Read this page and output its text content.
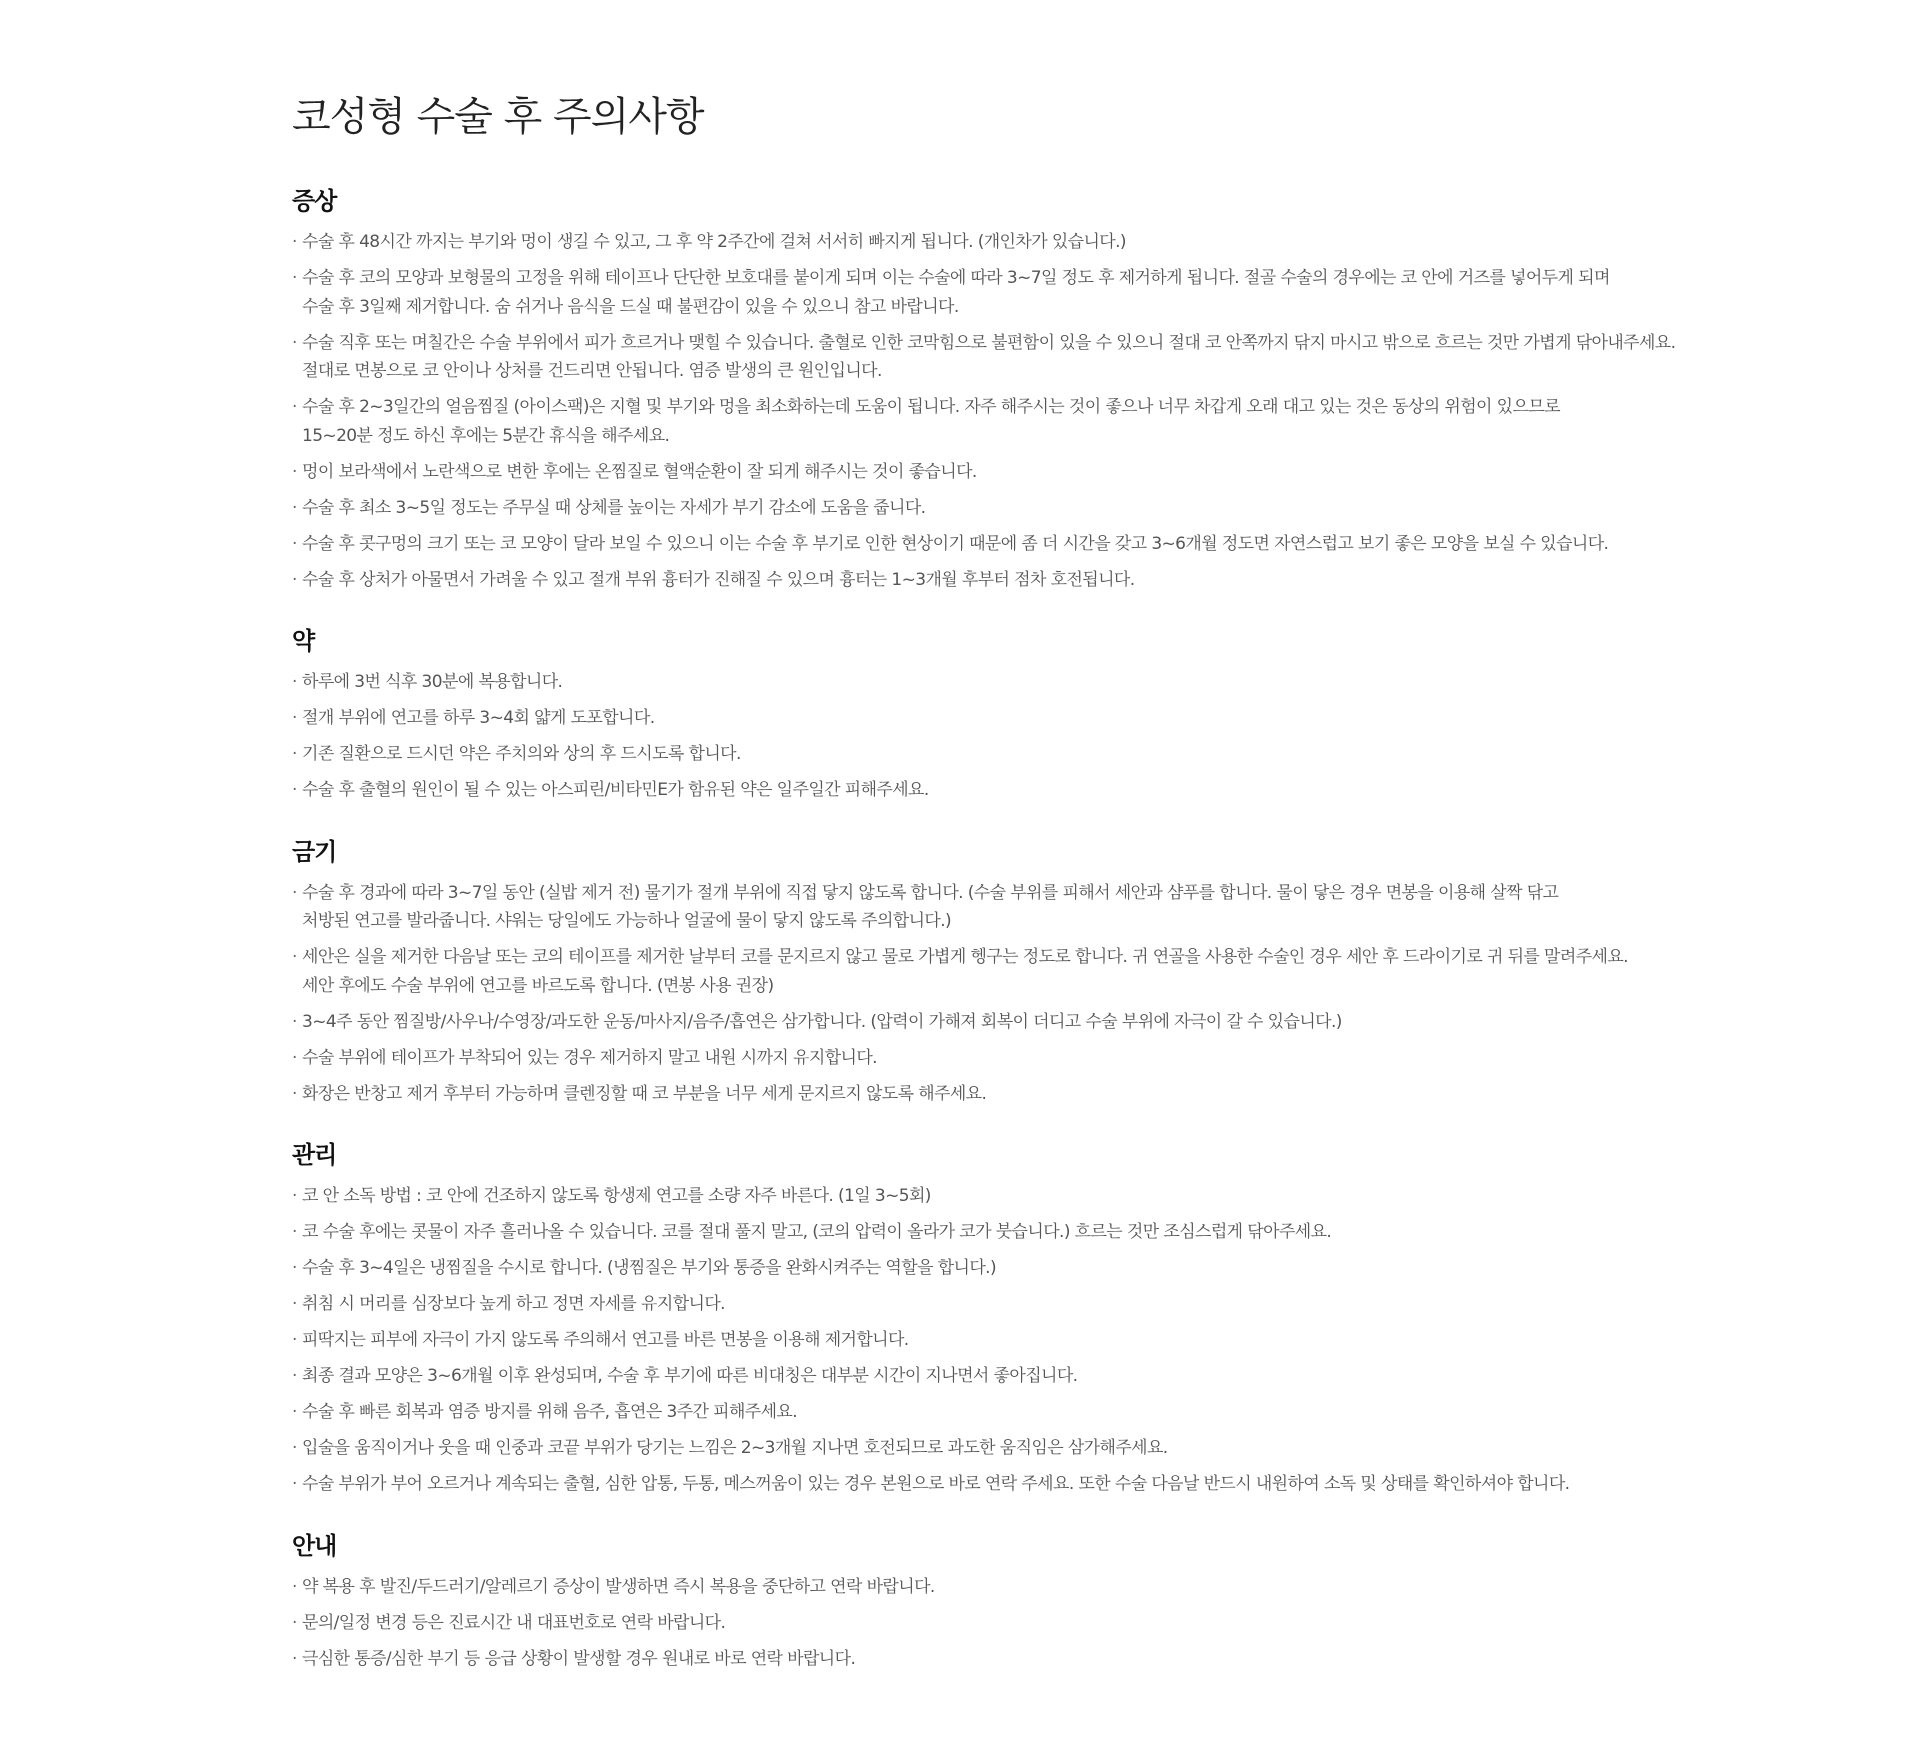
코성형 수술 후 주의사항
증상
· 수술 후 48시간 까지는 부기와 멍이 생길 수 있고, 그 후 약 2주간에 걸쳐 서서히 빠지게 됩니다. (개인차가 있습니다.)
· 수술 후 코의 모양과 보형물의 고정을 위해 테이프나 단단한 보호대를 붙이게 되며 이는 수술에 따라 3~7일 정도 후 제거하게 됩니다. 절골 수술의 경우에는 코 안에 거즈를 넣어두게 되며
수술 후 3일째 제거합니다. 숨 쉬거나 음식을 드실 때 불편감이 있을 수 있으니 참고 바랍니다.
· 수술 직후 또는 며칠간은 수술 부위에서 피가 흐르거나 맺힐 수 있습니다. 출혈로 인한 코막힘으로 불편함이 있을 수 있으니 절대 코 안쪽까지 닦지 마시고 밖으로 흐르는 것만 가볍게 닦아내주세요.
절대로 면봉으로 코 안이나 상처를 건드리면 안됩니다. 염증 발생의 큰 원인입니다.
· 수술 후 2~3일간의 얼음찜질 (아이스팩)은 지혈 및 부기와 멍을 최소화하는데 도움이 됩니다. 자주 해주시는 것이 좋으나 너무 차갑게 오래 대고 있는 것은 동상의 위험이 있으므로
15~20분 정도 하신 후에는 5분간 휴식을 해주세요.
· 멍이 보라색에서 노란색으로 변한 후에는 온찜질로 혈액순환이 잘 되게 해주시는 것이 좋습니다.
· 수술 후 최소 3~5일 정도는 주무실 때 상체를 높이는 자세가 부기 감소에 도움을 줍니다.
· 수술 후 콧구멍의 크기 또는 코 모양이 달라 보일 수 있으니 이는 수술 후 부기로 인한 현상이기 때문에 좀 더 시간을 갖고 3~6개월 정도면 자연스럽고 보기 좋은 모양을 보실 수 있습니다.
· 수술 후 상처가 아물면서 가려울 수 있고 절개 부위 흉터가 진해질 수 있으며 흉터는 1~3개월 후부터 점차 호전됩니다.
약
· 하루에 3번 식후 30분에 복용합니다.
· 절개 부위에 연고를 하루 3~4회 얇게 도포합니다.
· 기존 질환으로 드시던 약은 주치의와 상의 후 드시도록 합니다.
· 수술 후 출혈의 원인이 될 수 있는 아스피린/비타민E가 함유된 약은 일주일간 피해주세요.
금기
· 수술 후 경과에 따라 3~7일 동안 (실밥 제거 전) 물기가 절개 부위에 직접 닿지 않도록 합니다. (수술 부위를 피해서 세안과 샴푸를 합니다. 물이 닿은 경우 면봉을 이용해 살짝 닦고
처방된 연고를 발라줍니다. 샤워는 당일에도 가능하나 얼굴에 물이 닿지 않도록 주의합니다.)
· 세안은 실을 제거한 다음날 또는 코의 테이프를 제거한 날부터 코를 문지르지 않고 물로 가볍게 헹구는 정도로 합니다. 귀 연골을 사용한 수술인 경우 세안 후 드라이기로 귀 뒤를 말려주세요.
세안 후에도 수술 부위에 연고를 바르도록 합니다. (면봉 사용 권장)
· 3~4주 동안 찜질방/사우나/수영장/과도한 운동/마사지/음주/흡연은 삼가합니다. (압력이 가해져 회복이 더디고 수술 부위에 자극이 갈 수 있습니다.)
· 수술 부위에 테이프가 부착되어 있는 경우 제거하지 말고 내원 시까지 유지합니다.
· 화장은 반창고 제거 후부터 가능하며 클렌징할 때 코 부분을 너무 세게 문지르지 않도록 해주세요.
관리
· 코 안 소독 방법 : 코 안에 건조하지 않도록 항생제 연고를 소량 자주 바른다. (1일 3~5회)
· 코 수술 후에는 콧물이 자주 흘러나올 수 있습니다. 코를 절대 풀지 말고, (코의 압력이 올라가 코가 붓습니다.) 흐르는 것만 조심스럽게 닦아주세요.
· 수술 후 3~4일은 냉찜질을 수시로 합니다. (냉찜질은 부기와 통증을 완화시켜주는 역할을 합니다.)
· 취침 시 머리를 심장보다 높게 하고 정면 자세를 유지합니다.
· 피딱지는 피부에 자극이 가지 않도록 주의해서 연고를 바른 면봉을 이용해 제거합니다.
· 최종 결과 모양은 3~6개월 이후 완성되며, 수술 후 부기에 따른 비대칭은 대부분 시간이 지나면서 좋아집니다.
· 수술 후 빠른 회복과 염증 방지를 위해 음주, 흡연은 3주간 피해주세요.
· 입술을 움직이거나 웃을 때 인중과 코끝 부위가 당기는 느낌은 2~3개월 지나면 호전되므로 과도한 움직임은 삼가해주세요.
· 수술 부위가 부어 오르거나 계속되는 출혈, 심한 압통, 두통, 메스꺼움이 있는 경우 본원으로 바로 연락 주세요. 또한 수술 다음날 반드시 내원하여 소독 및 상태를 확인하셔야 합니다.
안내
· 약 복용 후 발진/두드러기/알레르기 증상이 발생하면 즉시 복용을 중단하고 연락 바랍니다.
· 문의/일정 변경 등은 진료시간 내 대표번호로 연락 바랍니다.
· 극심한 통증/심한 부기 등 응급 상황이 발생할 경우 원내로 바로 연락 바랍니다.
